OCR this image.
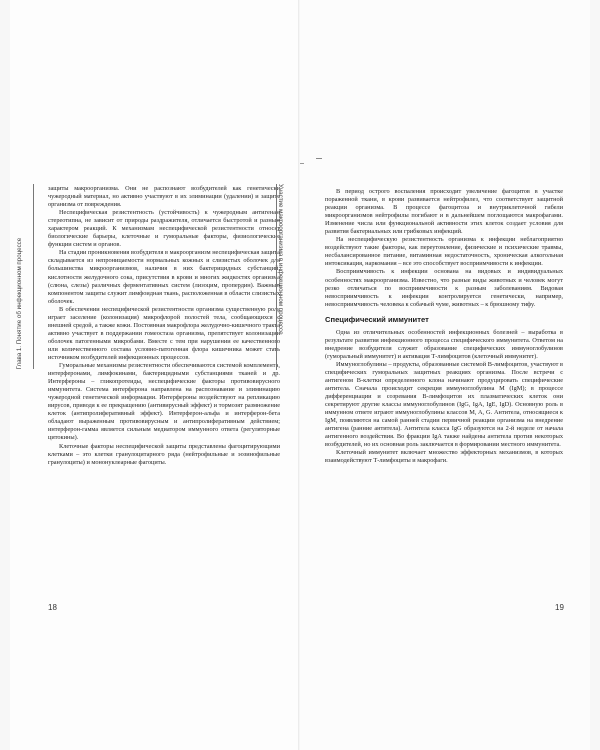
защиты макроорганизма. Они не распознают возбудителей как генетически чужеродный материал, но активно участвуют в их элиминации (удалении) и защите организма от повреждения.

Неспецифическая резистентность (устойчивость) к чужеродным антигенам стереотипна, не зависит от природы раздражителя, отличается быстротой и разным характером реакций. К механизмам неспецифической резистентности относят биологические барьеры, клеточные и гуморальные факторы, физиологические функции систем и органов.

На стадии проникновения возбудителя в макроорганизм неспецифическая защита складывается из непроницаемости нормальных кожных и слизистых оболочек для большинства микроорганизмов, наличия в них бактерицидных субстанций, кислотности желудочного сока, присутствия в крови и многих жидкостях организма (слюна, слезы) различных ферментативных систем (лизоцим, пропердин). Важным компонентом защиты служит лимфоидная ткань, расположенная в области слизистых оболочек.

В обеспечении неспецифической резистентности организма существенную роль играет заселение (колонизация) микрофлорой полостей тела, сообщающихся с внешней средой, а также кожи. Постоянная макрофлора желудочно-кишечного тракта активно участвует в поддержании гомеостаза организма, препятствует колонизации оболочек патогенными микробами. Вместе с тем при нарушении ее качественного или количественного состава условно-патогенная флора кишечника может стать источником возбудителей инфекционных процессов.

Гуморальные механизмы резистентности обеспечиваются системой комплемента, интерферонами, лимфокинами, бактерицидными субстанциями тканей и др. Интерфероны – гликопротеиды, неспецифические факторы противовирусного иммунитета. Система интерферона направлена на распознавание и элиминацию чужеродной генетической информации. Интерфероны воздействуют на репликацию вирусов, приводя к ее прекращению (антивирусный эффект) и тормозят размножение клеток (антипролиферативный эффект). Интерферон-альфа и интерферон-бета обладают выраженным противовирусным и антипролиферативным действием; интерферон-гамма является сильным медиатором иммунного ответа (регуляторные цитокины).

Клеточные факторы неспецифической защиты представлены фагоцитирующими клетками – это клетки гранулоцитарного ряда (нейтрофильные и эозинофильные гранулоциты) и мононуклеарные фагоциты.

18

В период острого воспаления происходит увеличение фагоцитов в участке пораженной ткани, в крови развивается нейтрофилез, что соответствует защитной реакции организма. В процессе фагоцитоза и внутриклеточной гибели микроорганизмов нейтрофилы погибают и в дальнейшем поглощаются макрофагами. Изменение числа или функциональной активности этих клеток создает условия для развития бактериальных или грибковых инфекций.

На неспецифическую резистентность организма к инфекции неблагоприятно воздействуют такие факторы, как переутомление, физические и психические травмы, несбалансированное питание, витаминная недостаточность, хроническая алкогольная интоксикация, наркомания – все это способствует восприимчивости к инфекции.

Восприимчивость к инфекции основана на видовых и индивидуальных особенностях макроорганизма. Известно, что разные виды животных и человек могут резко отличаться по восприимчивости к разным заболеваниям. Видовая невосприимчивость к инфекции контролируется генетически, например, невосприимчивость человека к собачьей чуме, животных – к брюшному тифу.

Специфический иммунитет

Одна из отличительных особенностей инфекционных болезней – выработка в результате развития инфекционного процесса специфического иммунитета. Ответом на внедрение возбудителя служит образование специфических иммуноглобулинов (гуморальный иммунитет) и активация Т-лимфоцитов (клеточный иммунитет).

Иммуноглобулины – продукты, образованные системой В-лимфоцитов, участвуют в специфических гуморальных защитных реакциях организма. После встречи с антигеном В-клетки определенного клона начинают продуцировать специфические антитела. Сначала происходит секреция иммуноглобулина М (IgM); в процессе дифференциации и созревания В-лимфоцитов их плазматических клеток они секретируют другие классы иммуноглобулинов (IgG, IgA, IgE, IgD). Основную роль в иммунном ответе играют иммуноглобулины классов M, A, G. Антитела, относящиеся к IgM, появляются на самой ранней стадии первичной реакции организма на внедрение антигена (ранние антитела). Антитела класса IgG образуются на 2-й неделе от начала антигенного воздействия. Во фракции IgA также найдены антитела против некоторых возбудителей, но их основная роль заключается в формировании местного иммунитета.

Клеточный иммунитет включает множество эффекторных механизмов, в которых взаимодействуют Т-лимфоциты и макрофаги.

19
Глава 1. Понятие об инфекционном процессе	Участие макроорганизма в инфекционном процессе
